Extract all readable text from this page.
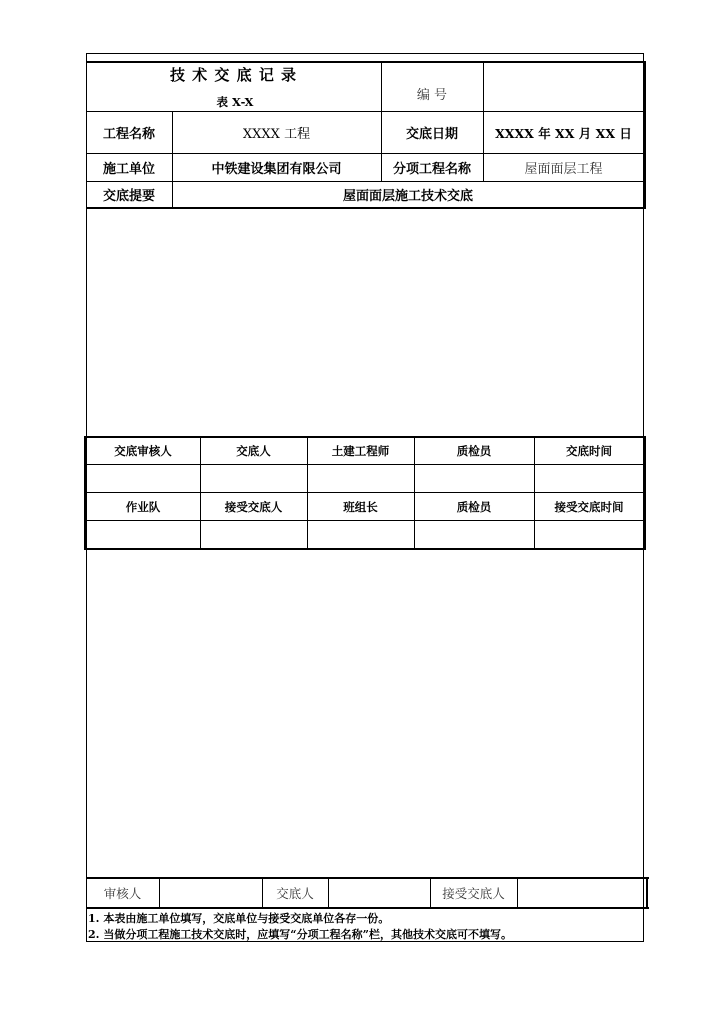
技 术 交 底 记 录
表 X-X	编 号
工程名称	XXXX 工程	交底日期	XXXX 年 XX 月 XX 日
施工单位	中铁建设集团有限公司	分项工程名称	屋面面层工程
交底提要	屋面面层施工技术交底
交底审核人	交底人	土建工程师	质检员	交底时间
作业队	接受交底人	班组长	质检员	接受交底时间
审核人	交底人	接受交底人
1. 本表由施工单位填写，交底单位与接受交底单位各存一份。
2. 当做分项工程施工技术交底时，应填写“分项工程名称”栏，其他技术交底可不填写。
